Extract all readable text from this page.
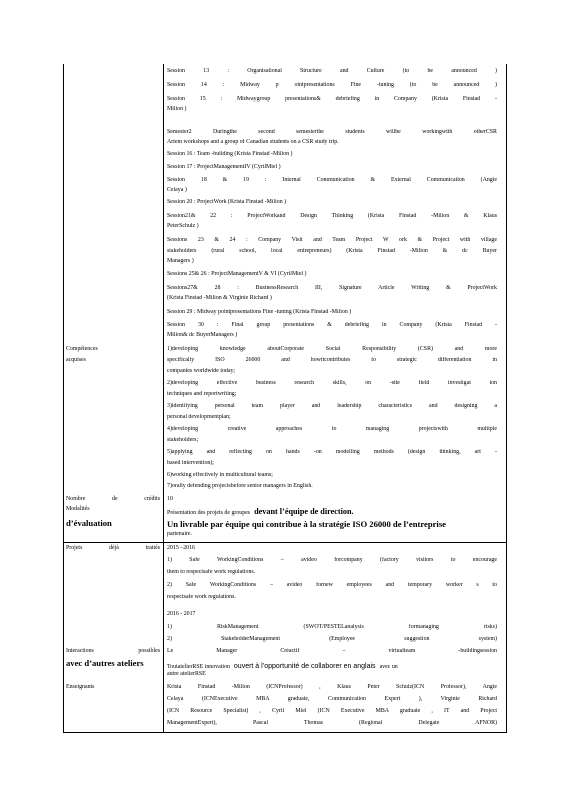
Session 13 : Organisational Structure and Culture (to be announced )
Session 14 : Midway p ointpresentations Fine -tuning (to be announced )
Session 15 : Midwaygroup presentations& debriefing in Company (Krista Finstad -
Milion )
Semester2 Duringthe second semesterthe students willbe workingwith otherCSR
Artem workshops and a group of Canadian students on a CSR study trip.
Session 16 : Team -building (Krista Finstad -Milion )
Session 17 : ProjectManagementIV (CyrilMiel )
Session 18 & 19 : Internal Communication & External Communication (Angie
Celaya )
Session 20 : ProjectWork (Krista Finstad -Milion )
Session21& 22 : ProjectWorkand Design Thinking (Krista Finstad -Milion & Klaus
PeterSchulz )
Sessions 23 & 24 : Company Visit and Team Project W ork & Project with village
stakeholders (rural school, local entrepreneurs) (Krista Finstad -Milion & dc Buyer
Managers )
Sessions 25& 26 : ProjectManagementV & VI (CyrilMiel )
Sessions27& 28 : BusinessResearch III, Signature Article Writing & ProjectWork
(Krista Finstad -Milion & Virginie Richard )
Session 29 : Midway pointpresentations Fine -tuning (Krista Finstad -Milion )
Session 30 : Final group presentations & debriefing in Company (Krista Finstad -
Milion& dc BuyerManagers )
Compétences
acquises
1)developing knowledge aboutCorporate Social Responsibility (CSR) and more
specifically ISO 26000 and howitcontributes to strategic differentiation in
companies worldwide today;
2)developing effective business research skills, on -site field investigat ion
techniques and reportwriting;
3)identifying personal team player and leadership characteristics and designing a
personal developmentplan;
4)developing creative approaches to managing projectswith multiple
stakeholders;
5)applying and reflecting on hands -on modelling methods (design thinking, art -
based intervention);
6)working effectively in multicultural teams;
7)orally defending projectsbefore senior managers in English.
Nombre de crédits 10
Modalités
d’évaluation
Présentation des projets de groupes devant l’équipe de direction.
Un livrable par équipe qui contribue à la stratégie ISO 26000 de l’entreprise
partenaire.
Projets déjà traités 2015 –2016
1) Safe WorkingConditions – avideo forcompany (factory visitors to encourage
them to respectsafe work regulations.
2) Safe WorkingConditions – avideo fornew employees and temporary worker s to
respectsafe work regulations.
2016 - 2017
1) RiskManagement (SWOT/PESTELanalysis formanaging risks)
2) StakeholderManagement (Employee suggestion system)
Interactions possibles
avec d’autres ateliers
Le Manager Créactif – virtualteam -buildingsession
ToutatelierRSE innovation ouvert à l’opportunité de collaborer en anglais avec un
autre atelierRSE
Enseignants	Krista Finstad -Milion (ICNProfessor) , Klaus Peter Schulz(ICN Professor), Angie
Celaya (ICNExecutive MBA graduate, Communication Expert ), Virginie Richard
(ICN Resource Specialist) , Cyril Miel (ICN Executive MBA graduate , IT and Project
ManagementExpert), Pascal Thomas (Regional Delegate AFNOR)
